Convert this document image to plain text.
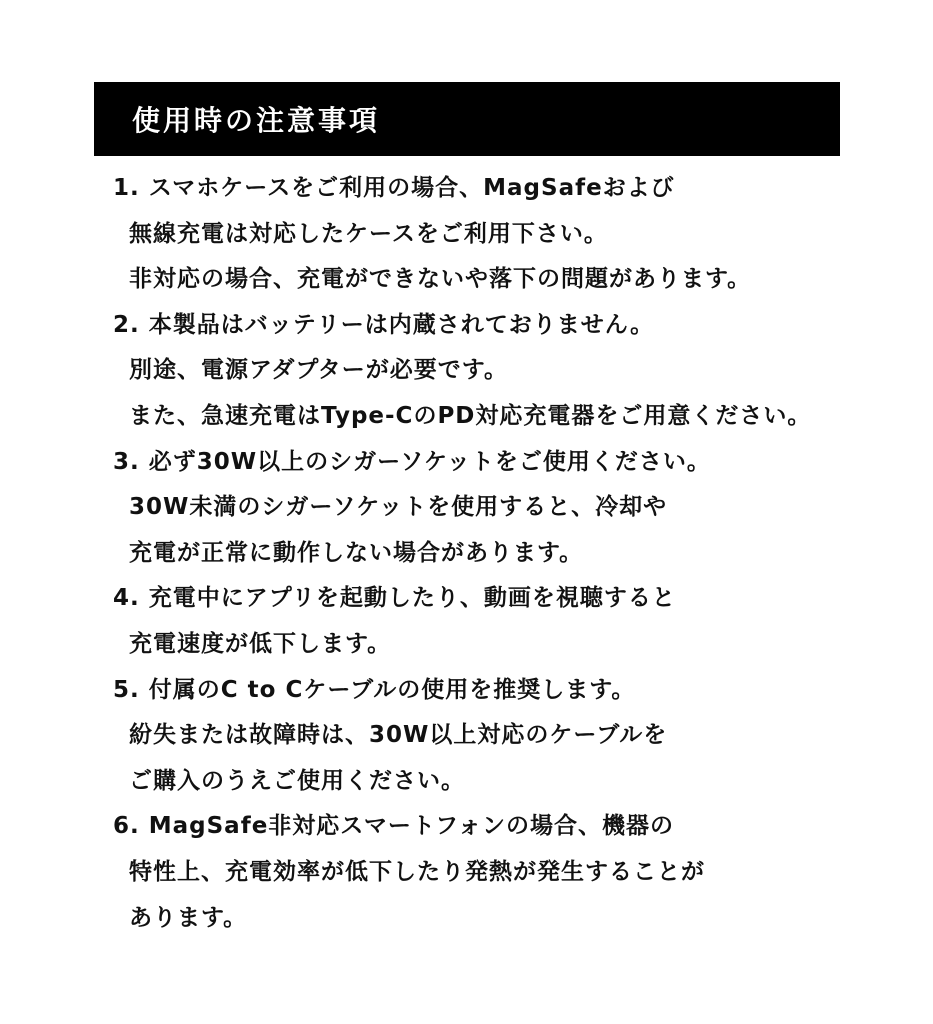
使用時の注意事項
1. スマホケースをご利用の場合、MagSafeおよび
無線充電は対応したケースをご利用下さい。
非対応の場合、充電ができないや落下の問題があります。
2. 本製品はバッテリーは内蔵されておりません。
別途、電源アダプターが必要です。
また、急速充電はType-CのPD対応充電器をご用意ください。
3. 必ず30W以上のシガーソケットをご使用ください。
30W未満のシガーソケットを使用すると、冷却や
充電が正常に動作しない場合があります。
4. 充電中にアプリを起動したり、動画を視聴すると
充電速度が低下します。
5. 付属のC to Cケーブルの使用を推奨します。
紛失または故障時は、30W以上対応のケーブルを
ご購入のうえご使用ください。
6. MagSafe非対応スマートフォンの場合、機器の
特性上、充電効率が低下したり発熱が発生することが
あります。
